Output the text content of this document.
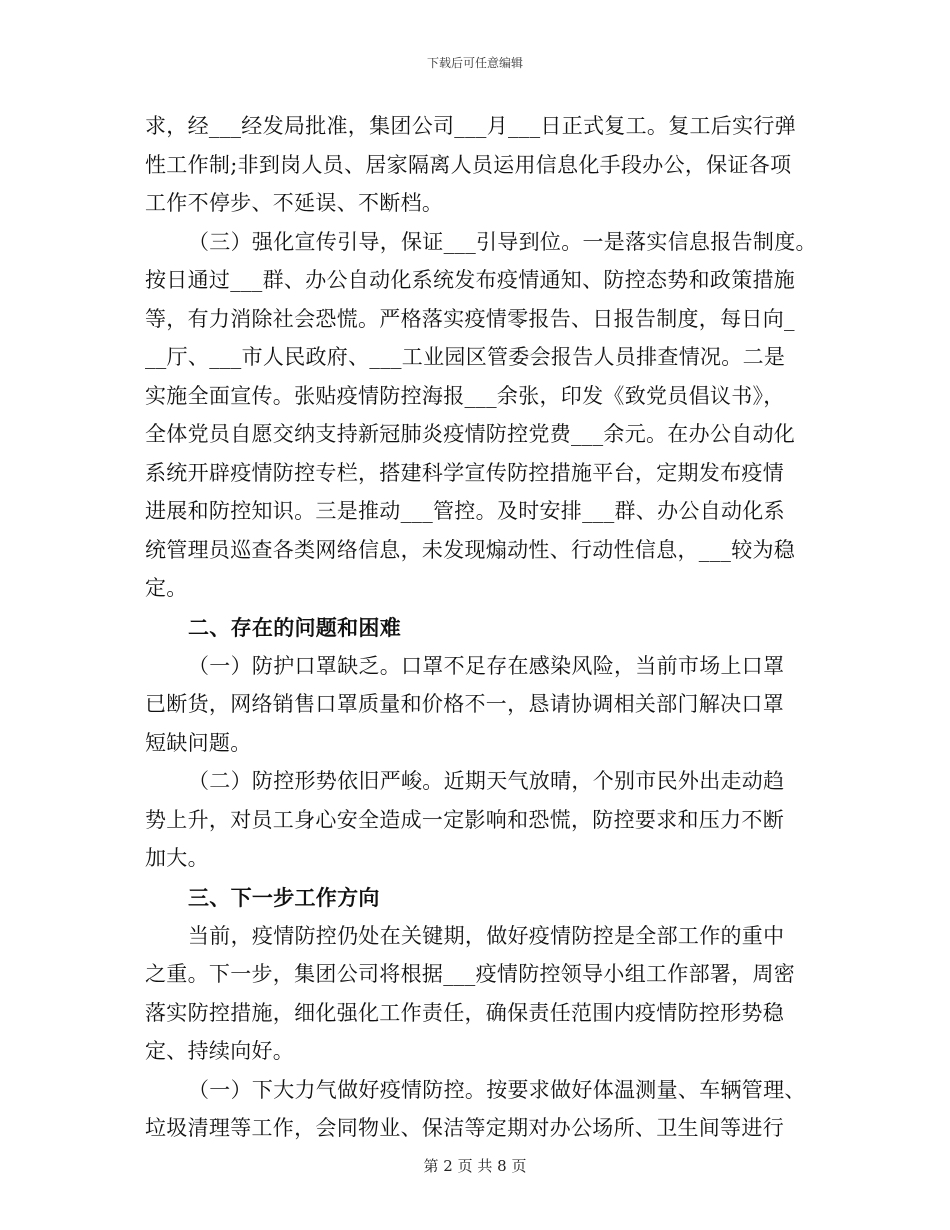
下载后可任意编辑
求，经___经发局批准，集团公司___月___日正式复工。复工后实行弹
性工作制;非到岗人员、居家隔离人员运用信息化手段办公，保证各项
工作不停步、不延误、不断档。
（三）强化宣传引导，保证___引导到位。一是落实信息报告制度。
按日通过___群、办公自动化系统发布疫情通知、防控态势和政策措施
等，有力消除社会恐慌。严格落实疫情零报告、日报告制度，每日向_
__厅、___市人民政府、___工业园区管委会报告人员排查情况。二是
实施全面宣传。张贴疫情防控海报___余张，印发《致党员倡议书》，
全体党员自愿交纳支持新冠肺炎疫情防控党费___余元。在办公自动化
系统开辟疫情防控专栏，搭建科学宣传防控措施平台，定期发布疫情
进展和防控知识。三是推动___管控。及时安排___群、办公自动化系
统管理员巡查各类网络信息，未发现煽动性、行动性信息，___较为稳
定。
二、存在的问题和困难
（一）防护口罩缺乏。口罩不足存在感染风险，当前市场上口罩
已断货，网络销售口罩质量和价格不一，恳请协调相关部门解决口罩
短缺问题。
（二）防控形势依旧严峻。近期天气放晴，个别市民外出走动趋
势上升，对员工身心安全造成一定影响和恐慌，防控要求和压力不断
加大。
三、下一步工作方向
当前，疫情防控仍处在关键期，做好疫情防控是全部工作的重中
之重。下一步，集团公司将根据___疫情防控领导小组工作部署，周密
落实防控措施，细化强化工作责任，确保责任范围内疫情防控形势稳
定、持续向好。
（一）下大力气做好疫情防控。按要求做好体温测量、车辆管理、
垃圾清理等工作，会同物业、保洁等定期对办公场所、卫生间等进行
第 2 页 共 8 页
